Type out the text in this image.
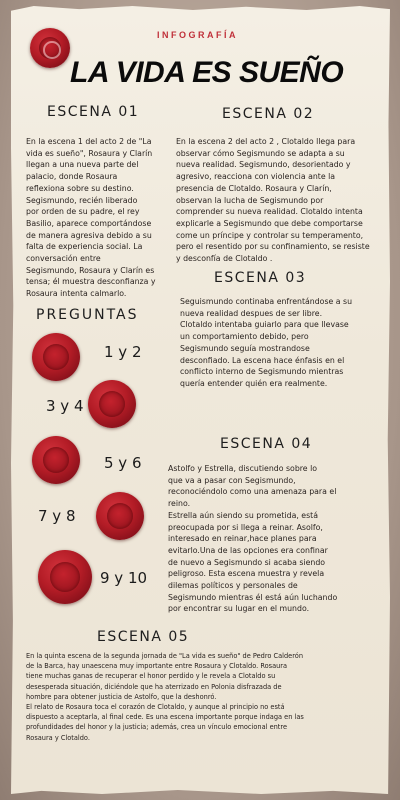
INFOGRAFÍA
LA VIDA ES SUEÑO
ESCENA 01
En la escena 1 del acto 2 de "La
vida es sueño", Rosaura y Clarín
llegan a una nueva parte del
palacio, donde Rosaura
reflexiona sobre su destino.
Segismundo, recién liberado
por orden de su padre, el rey
Basilio, aparece comportándose
de manera agresiva debido a su
falta de experiencia social. La
conversación entre
Segismundo, Rosaura y Clarín es
tensa; él muestra desconfianza y
Rosaura intenta calmarlo.
ESCENA 02
En la escena 2 del acto 2 , Clotaldo llega para
observar cómo Segismundo se adapta a su
nueva realidad. Segismundo, desorientado y
agresivo, reacciona con violencia ante la
presencia de Clotaldo. Rosaura y Clarín,
observan la lucha de Segismundo por
comprender su nueva realidad. Clotaldo intenta
explicarle a Segismundo que debe comportarse
come un príncipe y controlar su temperamento,
pero el resentido por su confinamiento, se resiste
y desconfía de Clotaldo .
ESCENA 03
Seguismundo continaba enfrentándose a su
nueva realidad despues de ser libre.
Clotaldo intentaba guiarlo para que llevase
un comportamiento debido, pero
Segismundo seguía mostrandose
desconfiado. La escena hace énfasis en el
conflicto interno de Segismundo mientras
quería entender quién era realmente.
PREGUNTAS
1 y 2
3 y 4
5 y 6
7 y 8
9 y 10
ESCENA 04
Astolfo y Estrella, discutiendo sobre lo
que va a pasar con Segismundo,
reconociéndolo como una amenaza para el
reino.
Estrella aún siendo su prometida, está
preocupada por si llega a reinar. Asolfo,
interesado en reinar,hace planes para
evitarlo.Una de las opciones era confinar
de nuevo a Segismundo si acaba siendo
peligroso. Esta escena muestra y revela
dilemas políticos y personales de
Segismundo mientras él está aún luchando
por encontrar su lugar en el mundo.
ESCENA 05
En la quinta escena de la segunda jornada de "La vida es sueño" de Pedro Calderón
de la Barca, hay unaescena muy importante entre Rosaura y Clotaldo. Rosaura
tiene muchas ganas de recuperar el honor perdido y le revela a Clotaldo su
desesperada situación, diciéndole que ha aterrizado en Polonia disfrazada de
hombre para obtener justicia de Astolfo, que la deshonró.
El relato de Rosaura toca el corazón de Clotaldo, y aunque al principio no está
dispuesto a aceptarla, al final cede. Es una escena importante porque indaga en las
profundidades del honor y la justicia; además, crea un vínculo emocional entre
Rosaura y Clotaldo.
